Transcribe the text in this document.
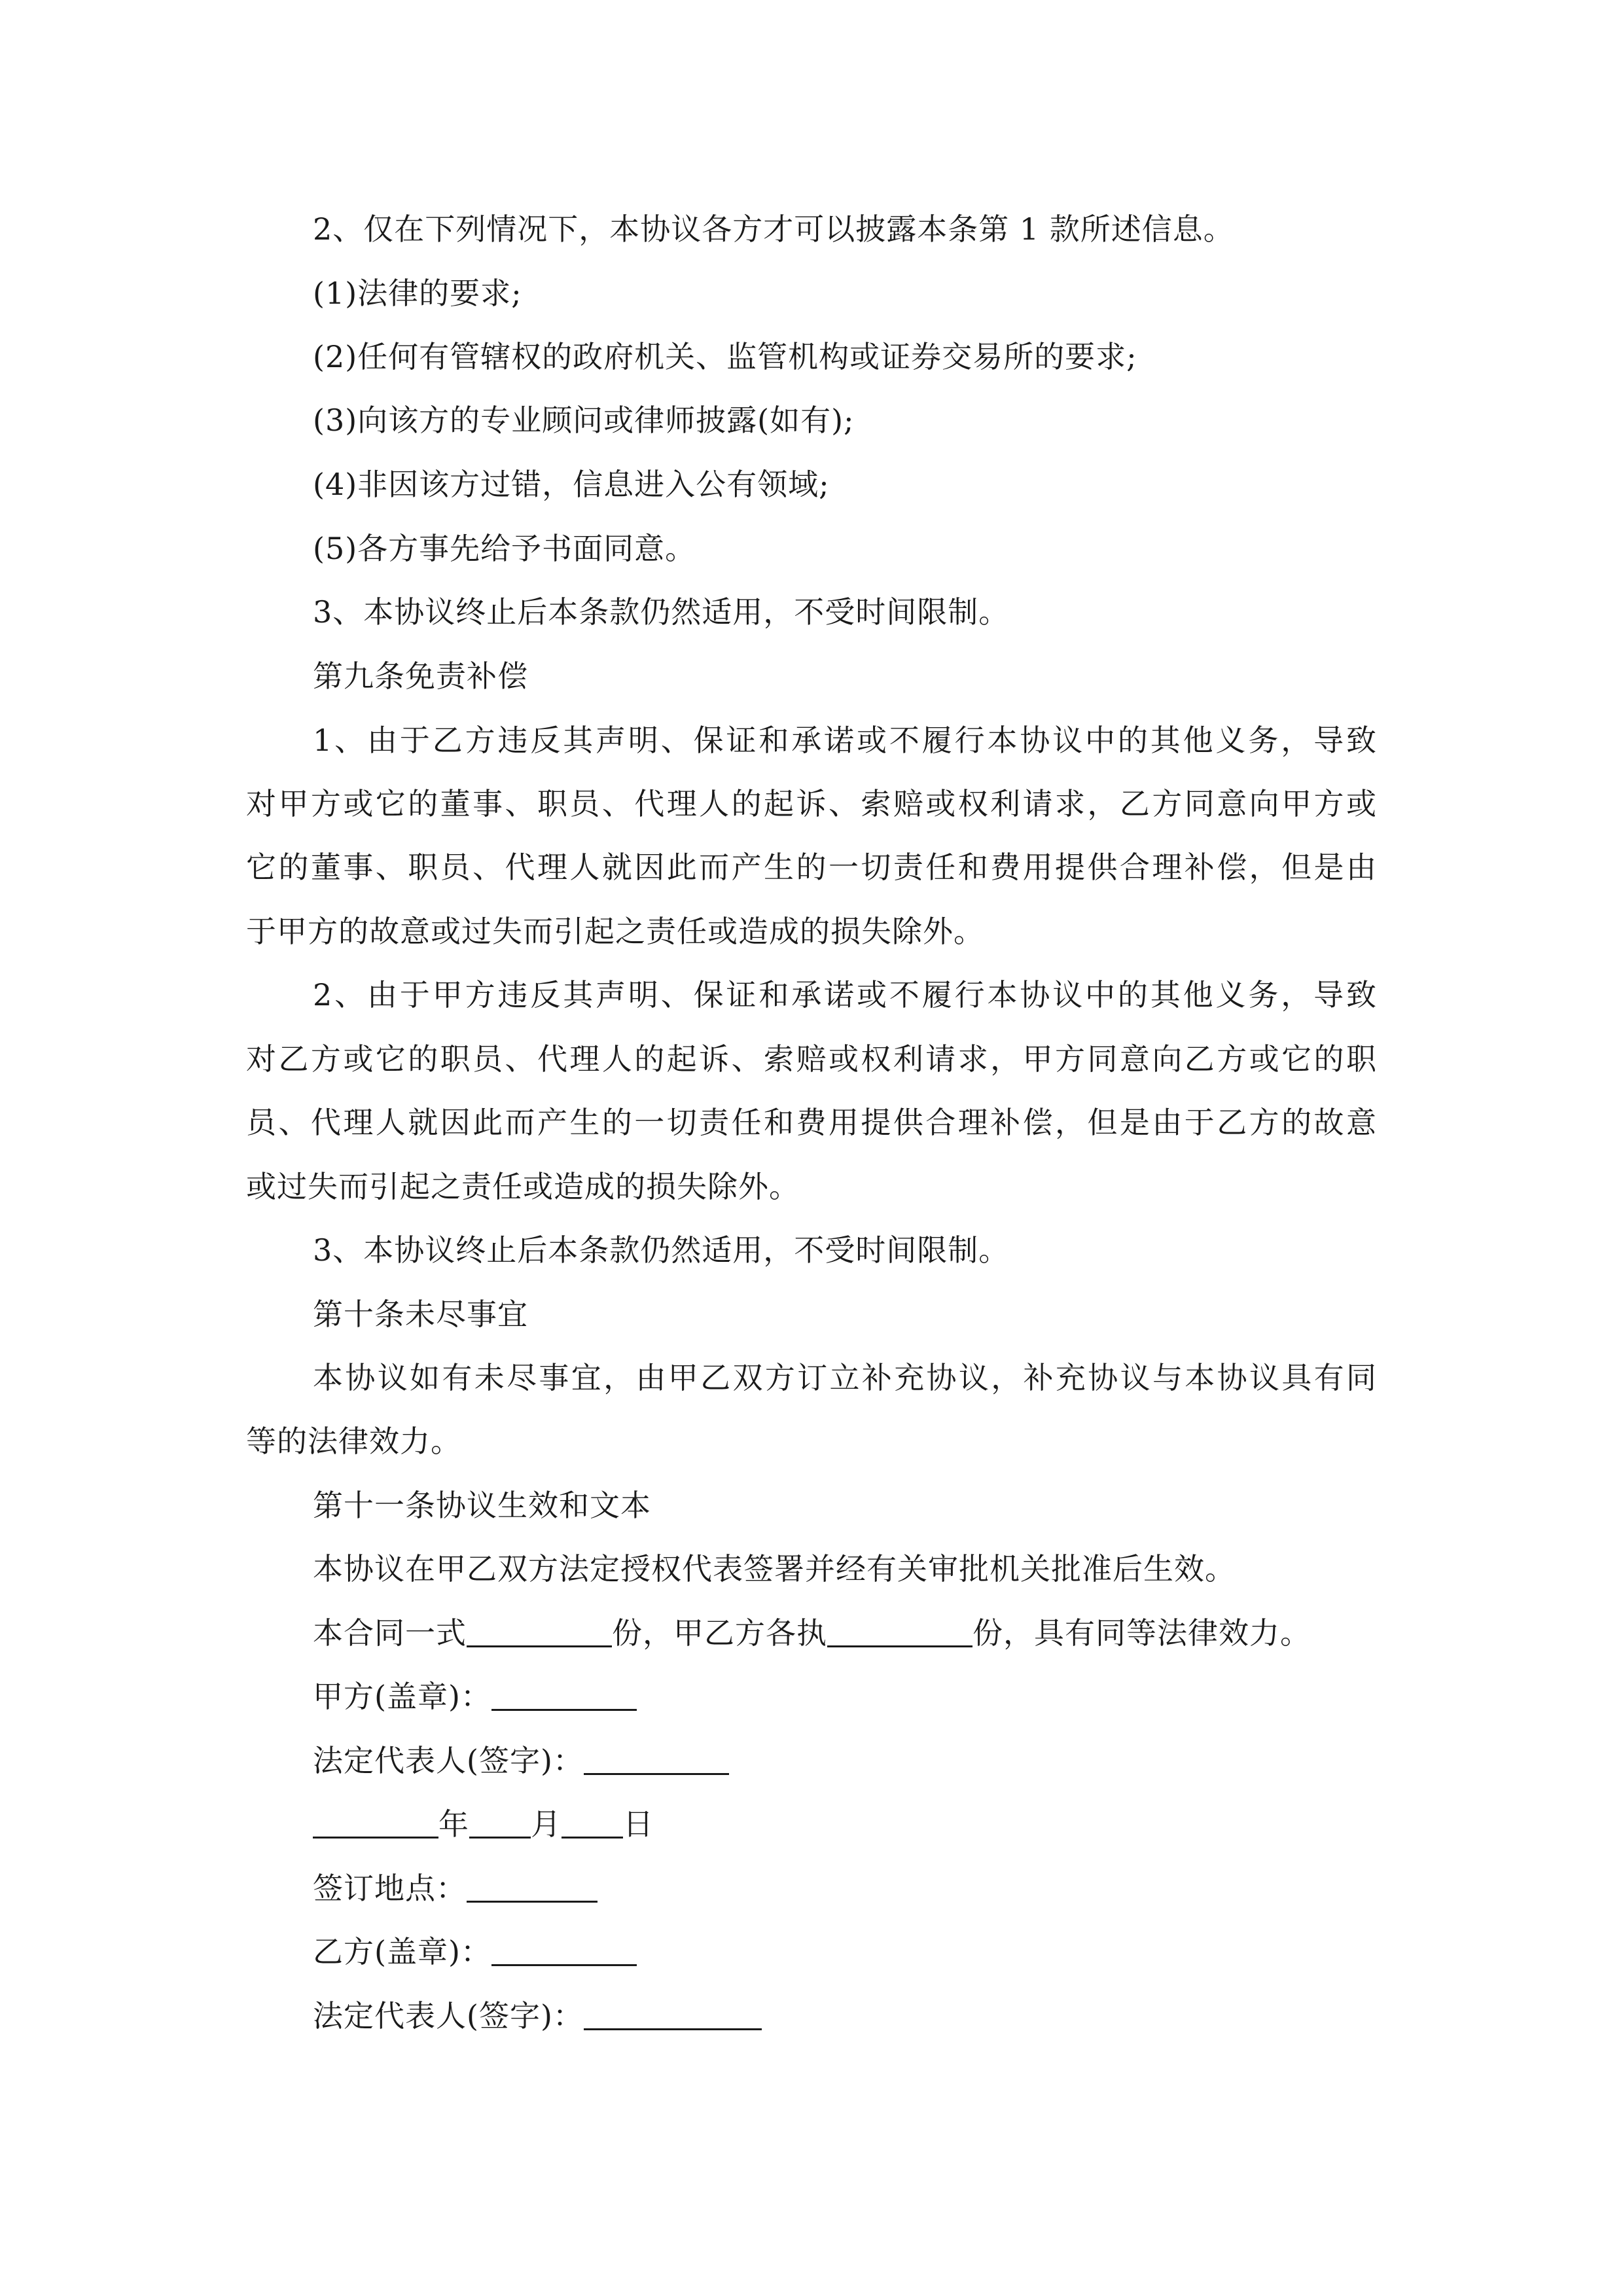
2、仅在下列情况下，本协议各方才可以披露本条第 1 款所述信息。
(1)法律的要求;
(2)任何有管辖权的政府机关、监管机构或证券交易所的要求;
(3)向该方的专业顾问或律师披露(如有);
(4)非因该方过错，信息进入公有领域;
(5)各方事先给予书面同意。
3、本协议终止后本条款仍然适用，不受时间限制。
第九条免责补偿
1、由于乙方违反其声明、保证和承诺或不履行本协议中的其他义务，导致
对甲方或它的董事、职员、代理人的起诉、索赔或权利请求，乙方同意向甲方或
它的董事、职员、代理人就因此而产生的一切责任和费用提供合理补偿，但是由
于甲方的故意或过失而引起之责任或造成的损失除外。
2、由于甲方违反其声明、保证和承诺或不履行本协议中的其他义务，导致
对乙方或它的职员、代理人的起诉、索赔或权利请求，甲方同意向乙方或它的职
员、代理人就因此而产生的一切责任和费用提供合理补偿，但是由于乙方的故意
或过失而引起之责任或造成的损失除外。
3、本协议终止后本条款仍然适用，不受时间限制。
第十条未尽事宜
本协议如有未尽事宜，由甲乙双方订立补充协议，补充协议与本协议具有同
等的法律效力。
第十一条协议生效和文本
本协议在甲乙双方法定授权代表签署并经有关审批机关批准后生效。
本合同一式	份，甲乙方各执	份，具有同等法律效力。
甲方(盖章)：
法定代表人(签字)：
年 月 日
签订地点：
乙方(盖章)：
法定代表人(签字)：
